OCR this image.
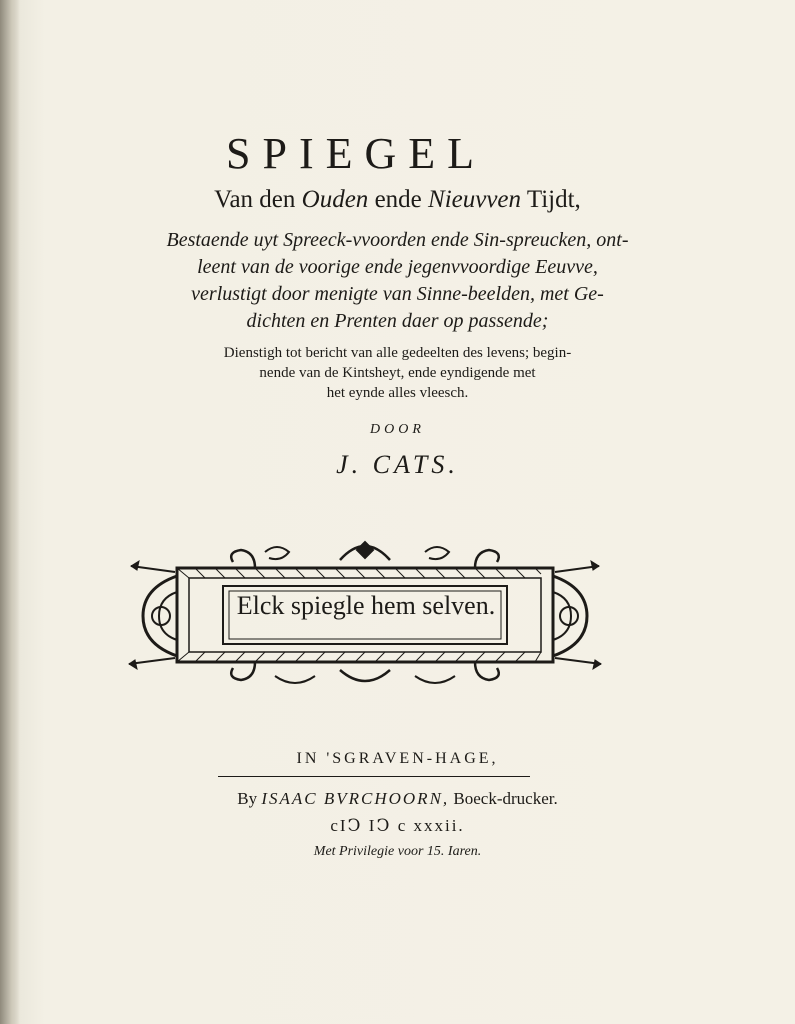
SPIEGEL
Van den Ouden ende Nieuvven Tijdt,
Bestaende uyt Spreeck-vvoorden ende Sin-spreucken, ont-
leent van de voorige ende jegenvvoordige Eeuvve,
verlustigt door menigte van Sinne-beelden, met Ge-
dichten en Prenten daer op passende;
Dienstigh tot bericht van alle gedeelten des levens; begin-
nende van de Kintsheyt, ende eyndigende met
het eynde alles vleesch.
DOOR
J. CATS.
Elck spiegle hem selven.
IN 'SGRAVEN-HAGE,
By ISAAC BVRCHOORN, Boeck-drucker.
cIↃ IↃ c xxxii.
Met Privilegie voor 15. Iaren.
